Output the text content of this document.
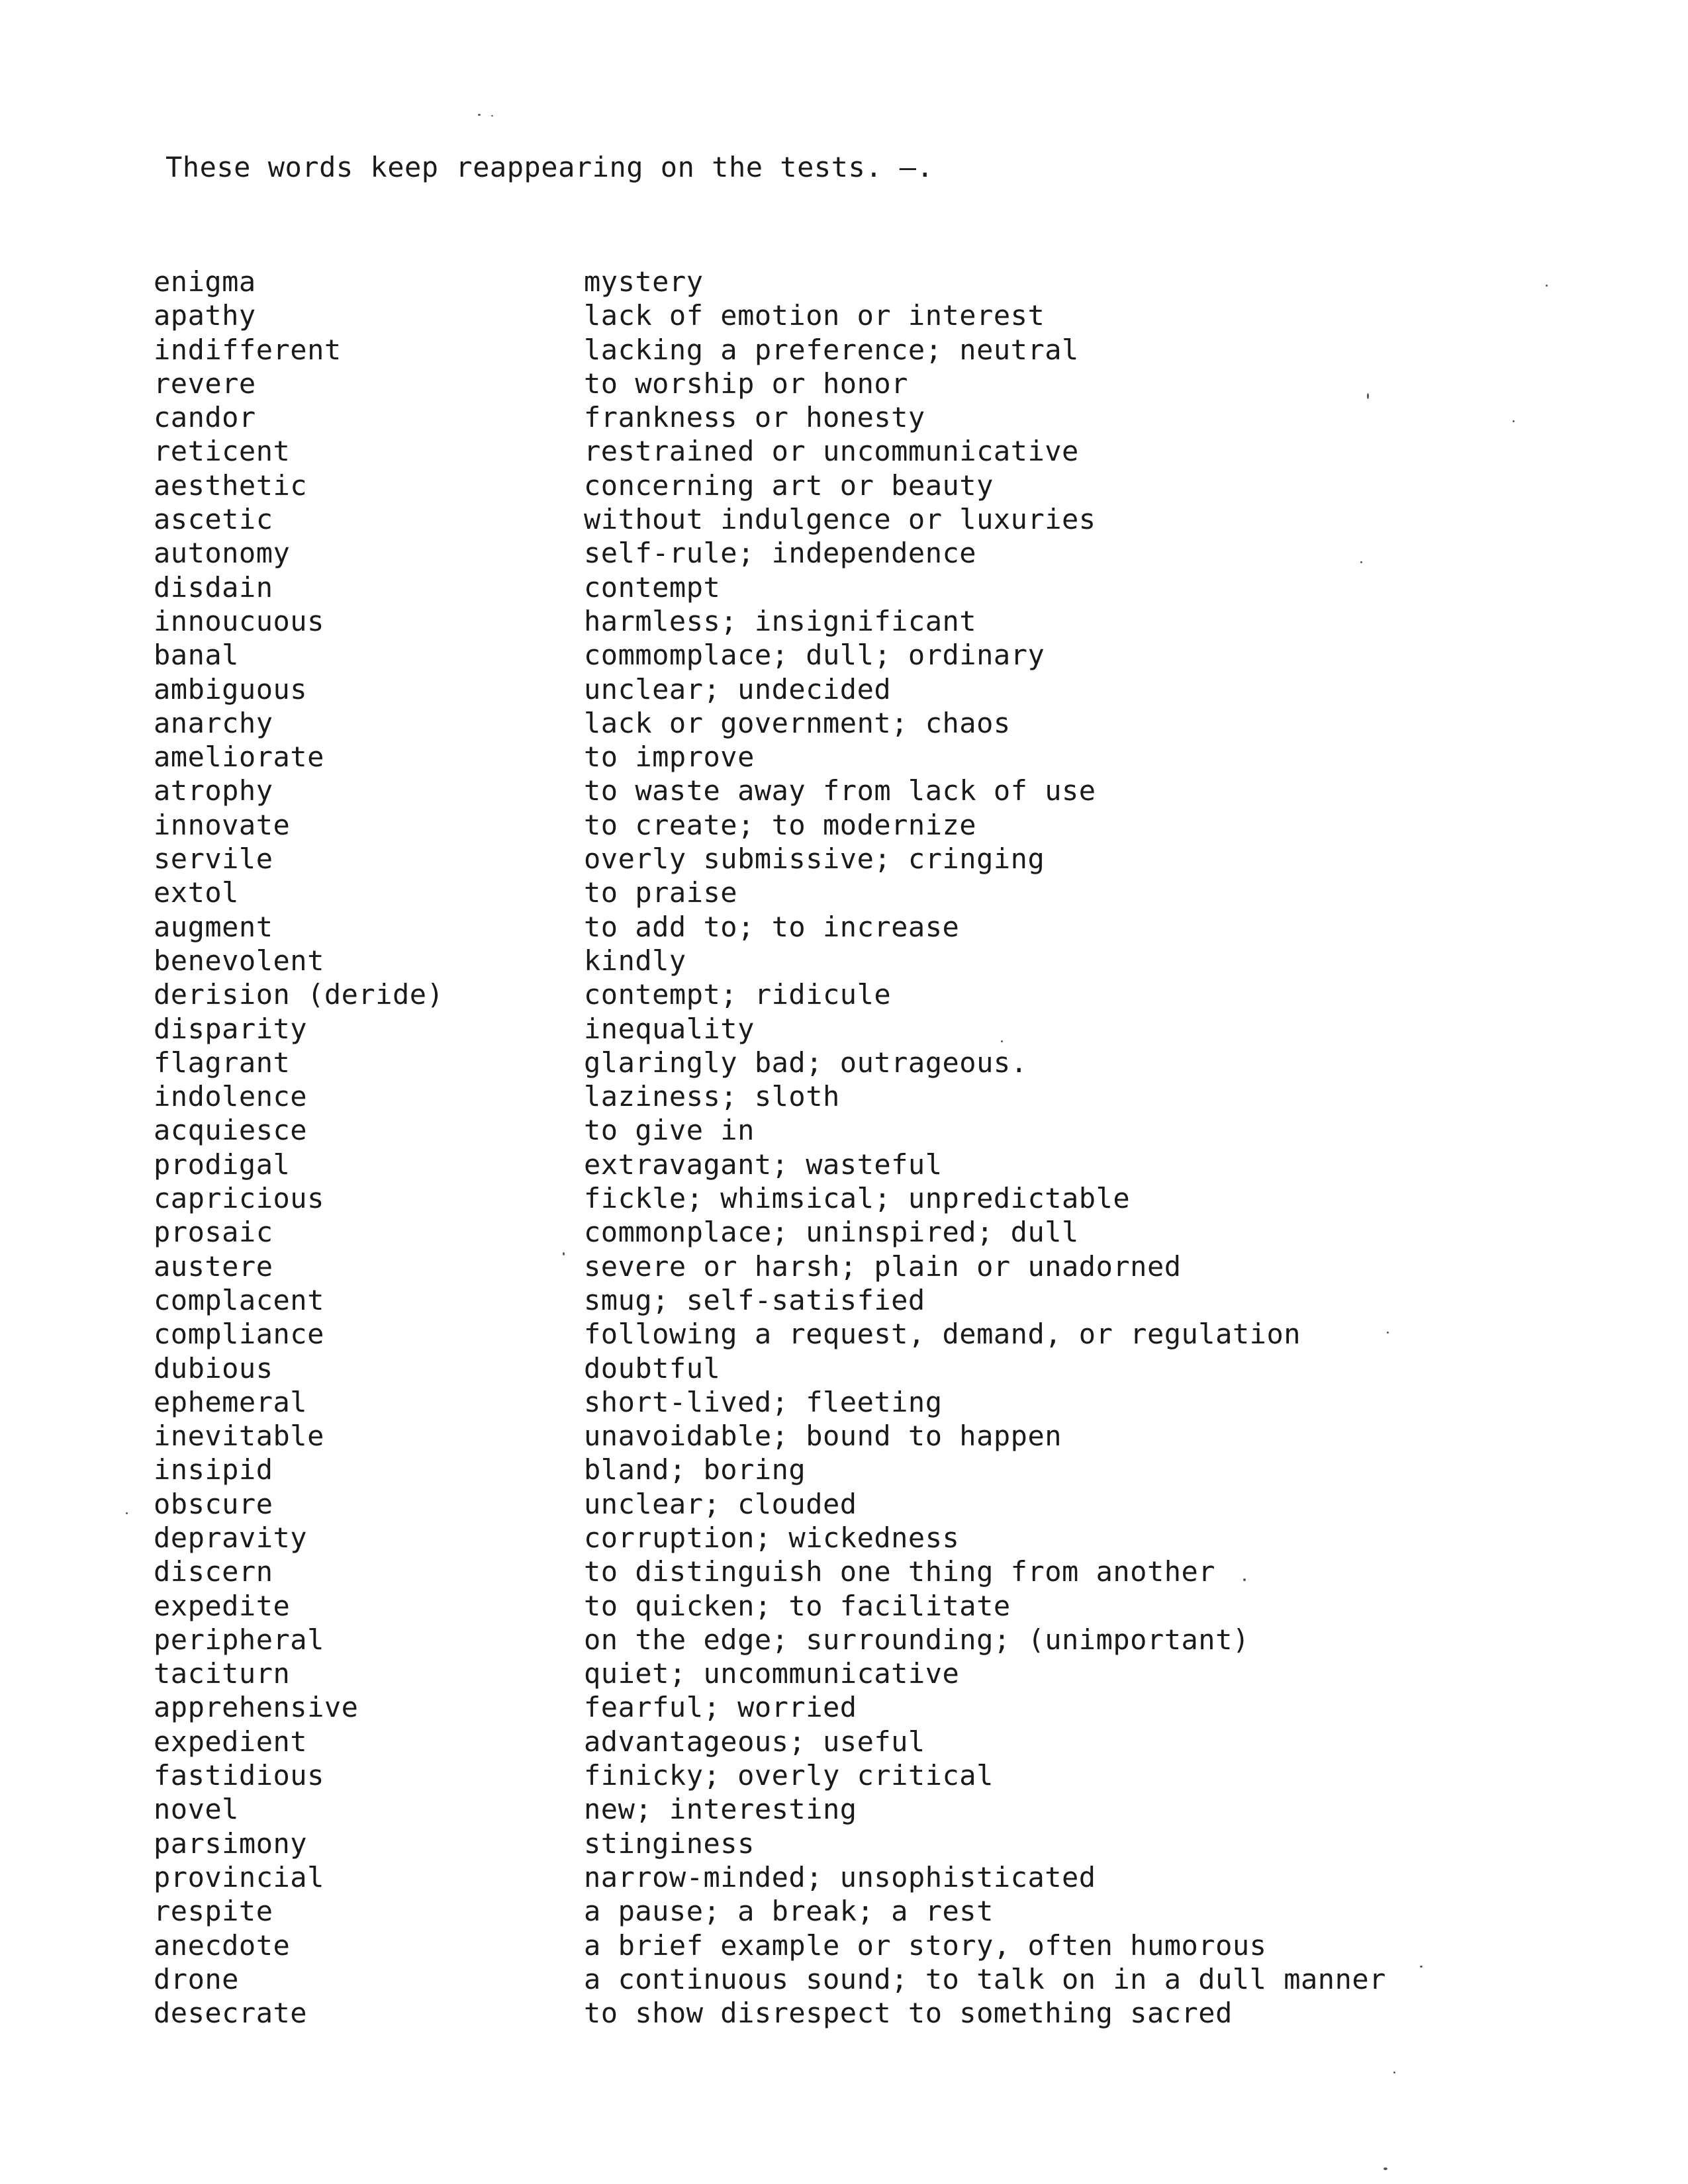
These words keep reappearing on the tests. —.
enigma	mystery
apathy	lack of emotion or interest
indifferent	lacking a preference; neutral
revere	to worship or honor
candor	frankness or honesty
reticent	restrained or uncommunicative
aesthetic	concerning art or beauty
ascetic	without indulgence or luxuries
autonomy	self-rule; independence
disdain	contempt
innoucuous	harmless; insignificant
banal	commomplace; dull; ordinary
ambiguous	unclear; undecided
anarchy	lack or government; chaos
ameliorate	to improve
atrophy	to waste away from lack of use
innovate	to create; to modernize
servile	overly submissive; cringing
extol	to praise
augment	to add to; to increase
benevolent	kindly
derision (deride)	contempt; ridicule
disparity	inequality
flagrant	glaringly bad; outrageous.
indolence	laziness; sloth
acquiesce	to give in
prodigal	extravagant; wasteful
capricious	fickle; whimsical; unpredictable
prosaic	commonplace; uninspired; dull
austere	severe or harsh; plain or unadorned
complacent	smug; self-satisfied
compliance	following a request, demand, or regulation
dubious	doubtful
ephemeral	short-lived; fleeting
inevitable	unavoidable; bound to happen
insipid	bland; boring
obscure	unclear; clouded
depravity	corruption; wickedness
discern	to distinguish one thing from another
expedite	to quicken; to facilitate
peripheral	on the edge; surrounding; (unimportant)
taciturn	quiet; uncommunicative
apprehensive	fearful; worried
expedient	advantageous; useful
fastidious	finicky; overly critical
novel	new; interesting
parsimony	stinginess
provincial	narrow-minded; unsophisticated
respite	a pause; a break; a rest
anecdote	a brief example or story, often humorous
drone	a continuous sound; to talk on in a dull manner
desecrate	to show disrespect to something sacred
